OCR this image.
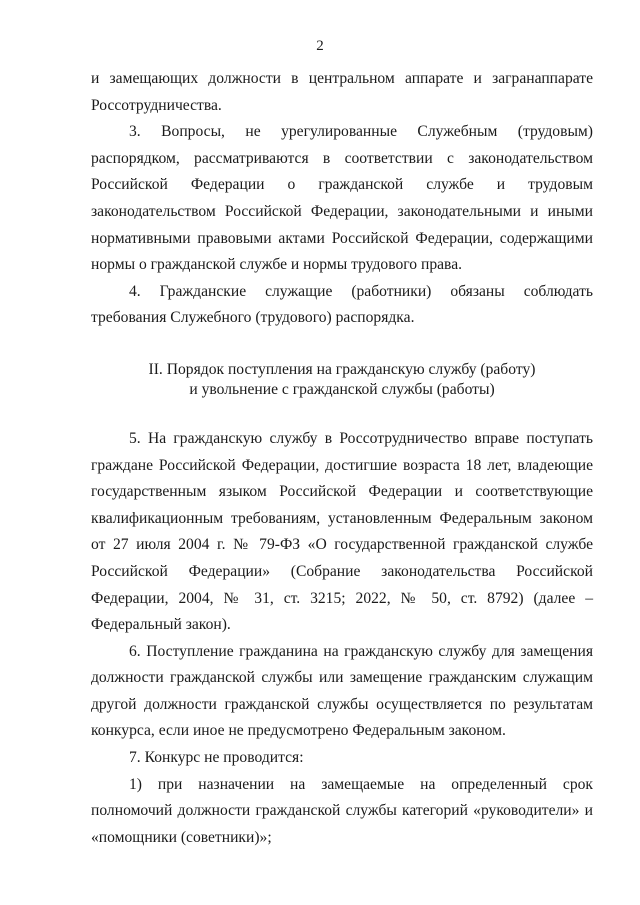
2

и замещающих должности в центральном аппарате и загранаппарате Россотрудничества.

3. Вопросы, не урегулированные Служебным (трудовым) распорядком, рассматриваются в соответствии с законодательством Российской Федерации о гражданской службе и трудовым законодательством Российской Федерации, законодательными и иными нормативными правовыми актами Российской Федерации, содержащими нормы о гражданской службе и нормы трудового права.

4. Гражданские служащие (работники) обязаны соблюдать требования Служебного (трудового) распорядка.

II. Порядок поступления на гражданскую службу (работу)
и увольнение с гражданской службы (работы)

5. На гражданскую службу в Россотрудничество вправе поступать граждане Российской Федерации, достигшие возраста 18 лет, владеющие государственным языком Российской Федерации и соответствующие квалификационным требованиям, установленным Федеральным законом от 27 июля 2004 г. № 79-ФЗ «О государственной гражданской службе Российской Федерации» (Собрание законодательства Российской Федерации, 2004, № 31, ст. 3215; 2022, № 50, ст. 8792) (далее – Федеральный закон).

6. Поступление гражданина на гражданскую службу для замещения должности гражданской службы или замещение гражданским служащим другой должности гражданской службы осуществляется по результатам конкурса, если иное не предусмотрено Федеральным законом.

7. Конкурс не проводится:

1) при назначении на замещаемые на определенный срок полномочий должности гражданской службы категорий «руководители» и «помощники (советники)»;
